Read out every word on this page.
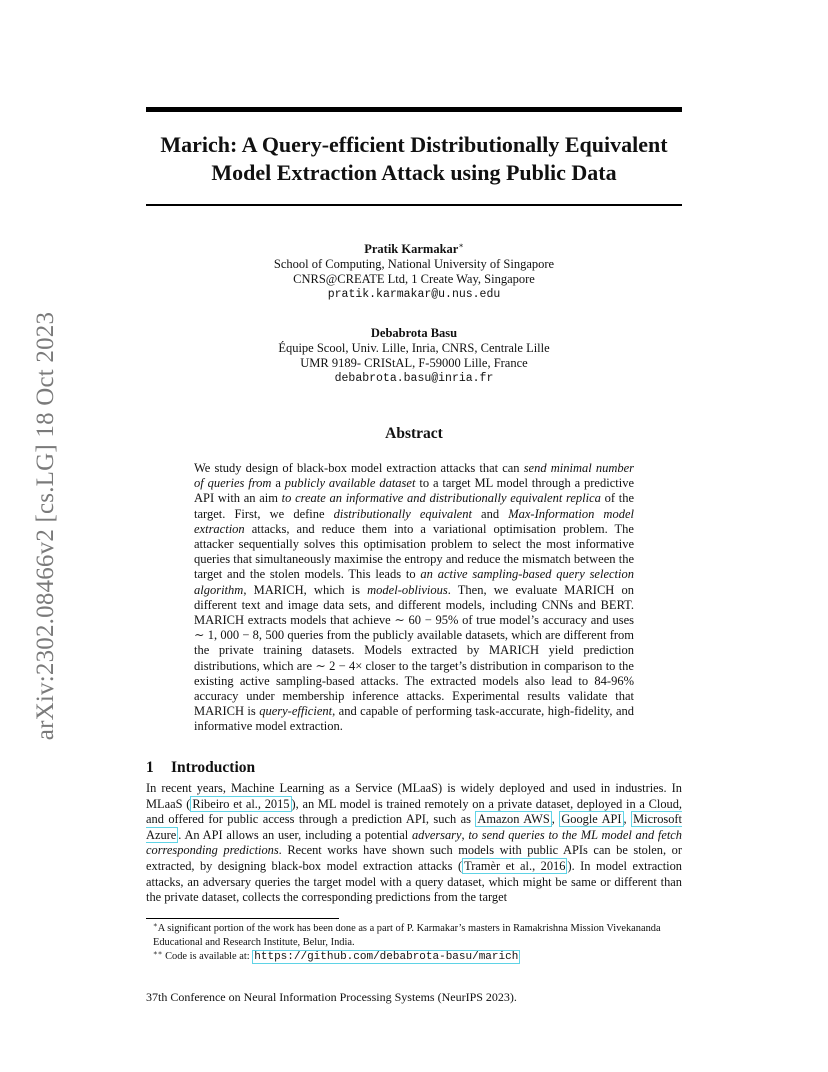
arXiv:2302.08466v2 [cs.LG] 18 Oct 2023
Marich: A Query-efficient Distributionally Equivalent
Model Extraction Attack using Public Data
Pratik Karmakar∗
School of Computing, National University of Singapore
CNRS@CREATE Ltd, 1 Create Way, Singapore
pratik.karmakar@u.nus.edu
Debabrota Basu
Équipe Scool, Univ. Lille, Inria, CNRS, Centrale Lille
UMR 9189- CRIStAL, F-59000 Lille, France
debabrota.basu@inria.fr
Abstract
We study design of black-box model extraction attacks that can send minimal number of queries from a publicly available dataset to a target ML model through a predictive API with an aim to create an informative and distributionally equivalent replica of the target. First, we define distributionally equivalent and Max-Information model extraction attacks, and reduce them into a variational optimisation problem. The attacker sequentially solves this optimisation problem to select the most informative queries that simultaneously maximise the entropy and reduce the mismatch between the target and the stolen models. This leads to an active sampling-based query selection algorithm, MARICH, which is model-oblivious. Then, we evaluate MARICH on different text and image data sets, and different models, including CNNs and BERT. MARICH extracts models that achieve ∼ 60 − 95% of true model’s accuracy and uses ∼ 1, 000 − 8, 500 queries from the publicly available datasets, which are different from the private training datasets. Models extracted by MARICH yield prediction distributions, which are ∼ 2 − 4× closer to the target’s distribution in comparison to the existing active sampling-based attacks. The extracted models also lead to 84-96% accuracy under membership inference attacks. Experimental results validate that MARICH is query-efficient, and capable of performing task-accurate, high-fidelity, and informative model extraction.
1 Introduction
In recent years, Machine Learning as a Service (MLaaS) is widely deployed and used in industries. In MLaaS ( Ribeiro et al., 2015 ), an ML model is trained remotely on a private dataset, deployed in a Cloud, and offered for public access through a prediction API, such as Amazon AWS , Google API , Microsoft Azure . An API allows an user, including a potential adversary, to send queries to the ML model and fetch corresponding predictions. Recent works have shown such models with public APIs can be stolen, or extracted, by designing black-box model extraction attacks ( Tramèr et al., 2016 ). In model extraction attacks, an adversary queries the target model with a query dataset, which might be same or different than the private dataset, collects the corresponding predictions from the target
∗A significant portion of the work has been done as a part of P. Karmakar’s masters in Ramakrishna Mission Vivekananda Educational and Research Institute, Belur, India.
∗∗ Code is available at: https://github.com/debabrota-basu/marich
37th Conference on Neural Information Processing Systems (NeurIPS 2023).
